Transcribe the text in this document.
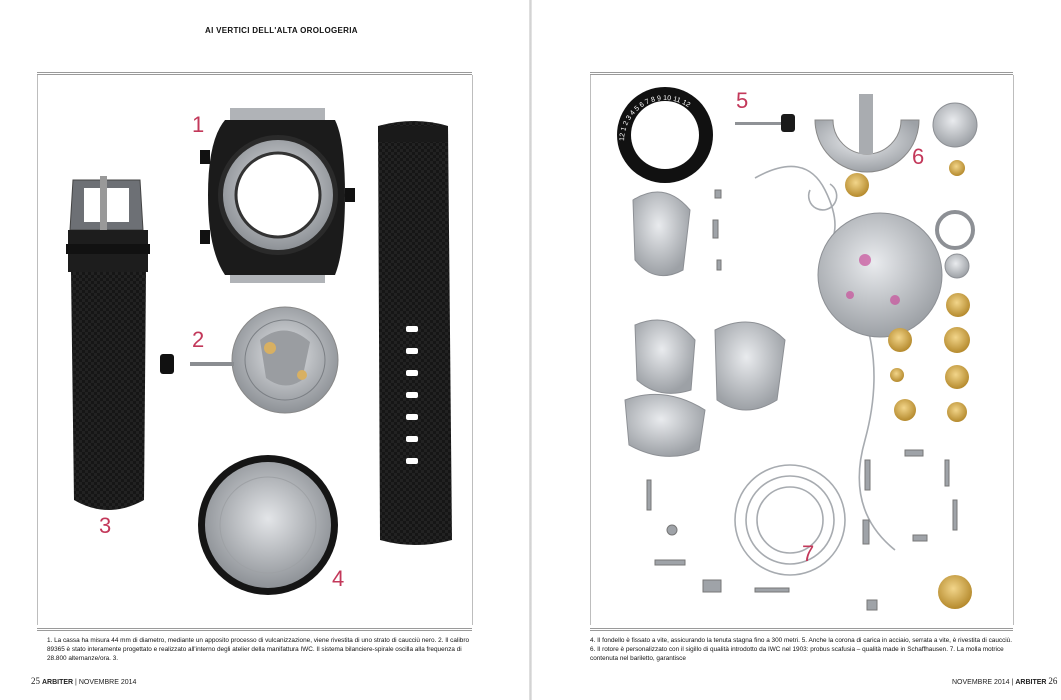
AI VERTICI DELL'ALTA OROLOGERIA
1
2
3
4
5
6
7
1. La cassa ha misura 44 mm di diametro, mediante un apposito processo di vulcanizzazione, viene rivestita di uno strato di caucciù nero. 2. Il calibro 89365 è stato interamente progettato e realizzato all'interno degli atelier della manifattura IWC. Il sistema bilanciere-spirale oscilla alla frequenza di 28.800 alternanze/ora. 3.
4. Il fondello è fissato a vite, assicurando la tenuta stagna fino a 300 metri. 5. Anche la corona di carica in acciaio, serrata a vite, è rivestita di caucciù. 6. Il rotore è personalizzato con il sigillo di qualità introdotto da IWC nel 1903: probus scafusia – qualità made in Schaffhausen. 7. La molla motrice contenuta nel bariletto, garantisce
25 ARBITER | NOVEMBRE 2014	NOVEMBRE 2014 | ARBITER 26
12 1 2 3 4 5 6 7 8 9 10 11 12
